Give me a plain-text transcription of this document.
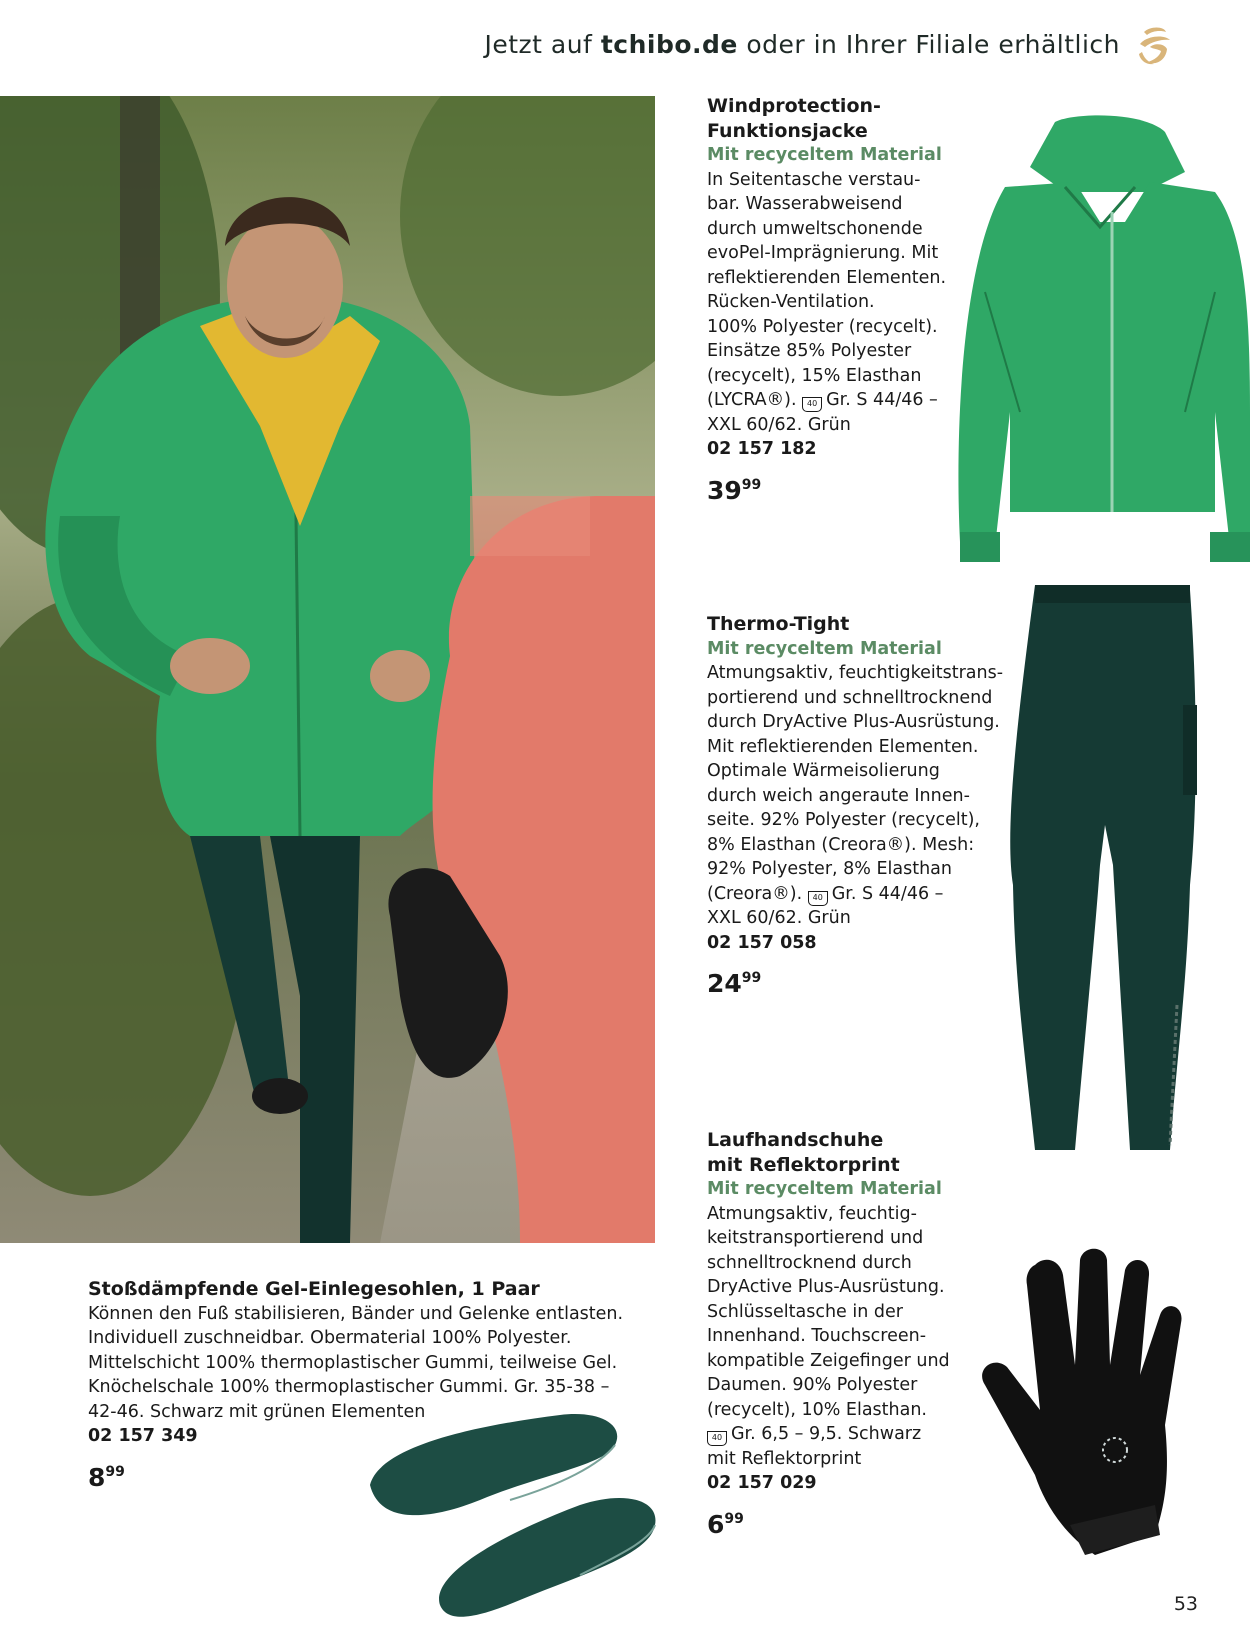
Jetzt auf tchibo.de oder in Ihrer Filiale erhältlich
Windprotection-
Funktionsjacke
Mit recyceltem Material
In Seitentasche verstau-
bar. Wasserabweisend
durch umweltschonende
evoPel-Imprägnierung. Mit
reflektierenden Elementen.
Rücken-Ventilation.
100% Polyester (recycelt).
Einsätze 85% Polyester
(recycelt), 15% Elasthan
(LYCRA®). 40 Gr. S 44/46 –
XXL 60/62. Grün
02 157 182
$39^{99}$
Thermo-Tight
Mit recyceltem Material
Atmungsaktiv, feuchtigkeitstrans-
portierend und schnelltrocknend
durch DryActive Plus-Ausrüstung.
Mit reflektierenden Elementen.
Optimale Wärmeisolierung
durch weich angeraute Innen-
seite. 92% Polyester (recycelt),
8% Elasthan (Creora®). Mesh:
92% Polyester, 8% Elasthan
(Creora®). 40 Gr. S 44/46 –
XXL 60/62. Grün
02 157 058
$24^{99}$
Laufhandschuhe
mit Reflektorprint
Mit recyceltem Material
Atmungsaktiv, feuchtig-
keitstransportierend und
schnelltrocknend durch
DryActive Plus-Ausrüstung.
Schlüsseltasche in der
Innenhand. Touchscreen-
kompatible Zeigefinger und
Daumen. 90% Polyester
(recycelt), 10% Elasthan.
40 Gr. 6,5 – 9,5. Schwarz
mit Reflektorprint
02 157 029
$6^{99}$
Stoßdämpfende Gel-Einlegesohlen, 1 Paar
Können den Fuß stabilisieren, Bänder und Gelenke entlasten.
Individuell zuschneidbar. Obermaterial 100% Polyester.
Mittelschicht 100% thermoplastischer Gummi, teilweise Gel.
Knöchelschale 100% thermoplastischer Gummi. Gr. 35-38 –
42-46. Schwarz mit grünen Elementen
02 157 349
$8^{99}$
53
